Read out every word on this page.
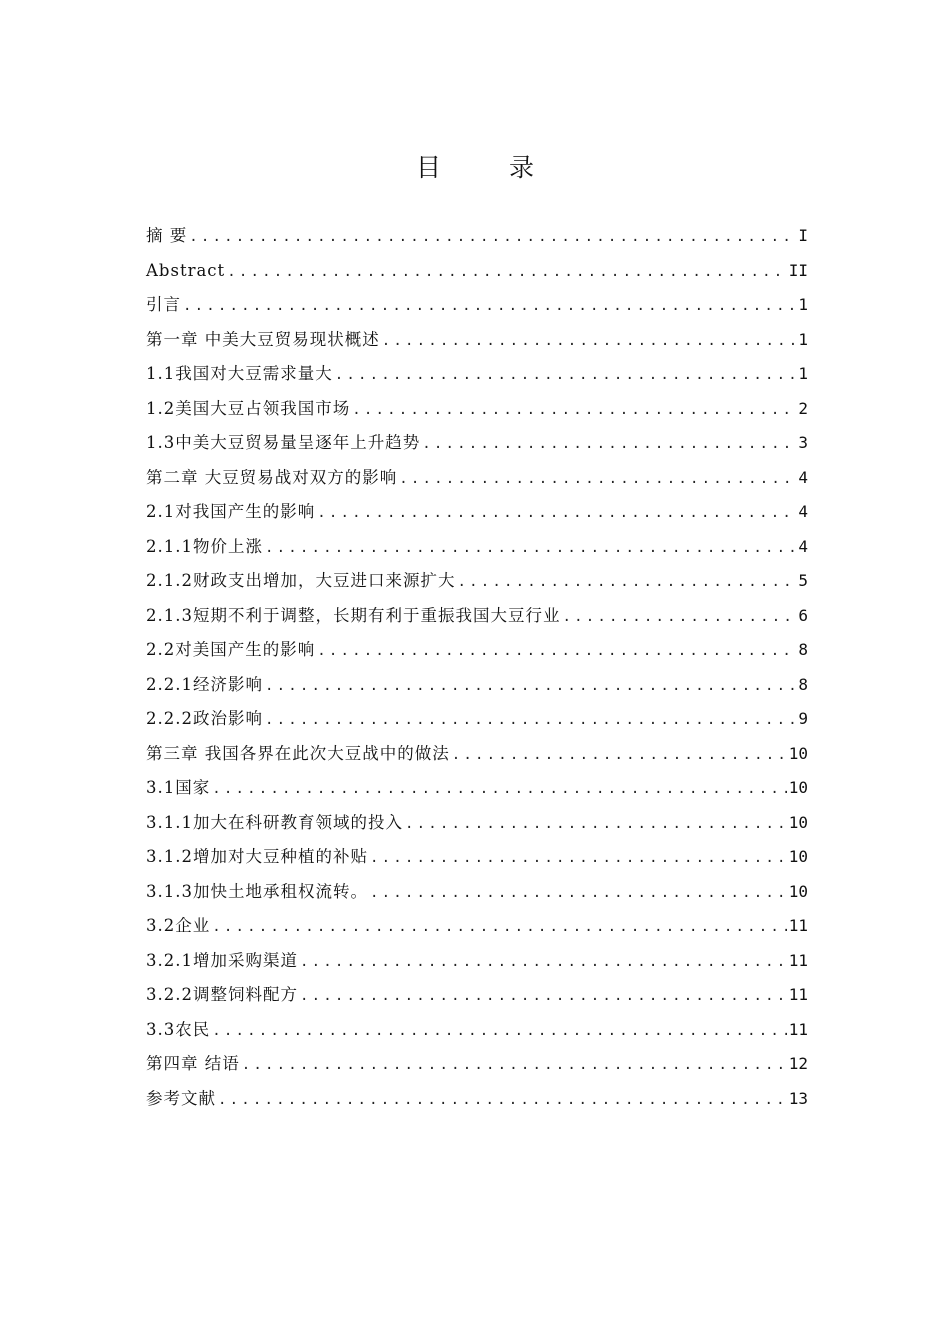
目 录
摘 要 .....	I
Abstract .....	II
引言 .....	1
第一章 中美大豆贸易现状概述 .....	1
1.1我国对大豆需求量大 .....	1
1.2美国大豆占领我国市场 .....	2
1.3中美大豆贸易量呈逐年上升趋势 .....	3
第二章 大豆贸易战对双方的影响 .....	4
2.1对我国产生的影响 .....	4
2.1.1物价上涨 .....	4
2.1.2财政支出增加，大豆进口来源扩大 .....	5
2.1.3短期不利于调整，长期有利于重振我国大豆行业 .....	6
2.2对美国产生的影响 .....	8
2.2.1经济影响 .....	8
2.2.2政治影响 .....	9
第三章 我国各界在此次大豆战中的做法 .....	10
3.1国家 .....	10
3.1.1加大在科研教育领域的投入 .....	10
3.1.2增加对大豆种植的补贴 .....	10
3.1.3加快土地承租权流转。 .....	10
3.2企业 .....	11
3.2.1增加采购渠道 .....	11
3.2.2调整饲料配方 .....	11
3.3农民 .....	11
第四章 结语 .....	12
参考文献 .....	13
